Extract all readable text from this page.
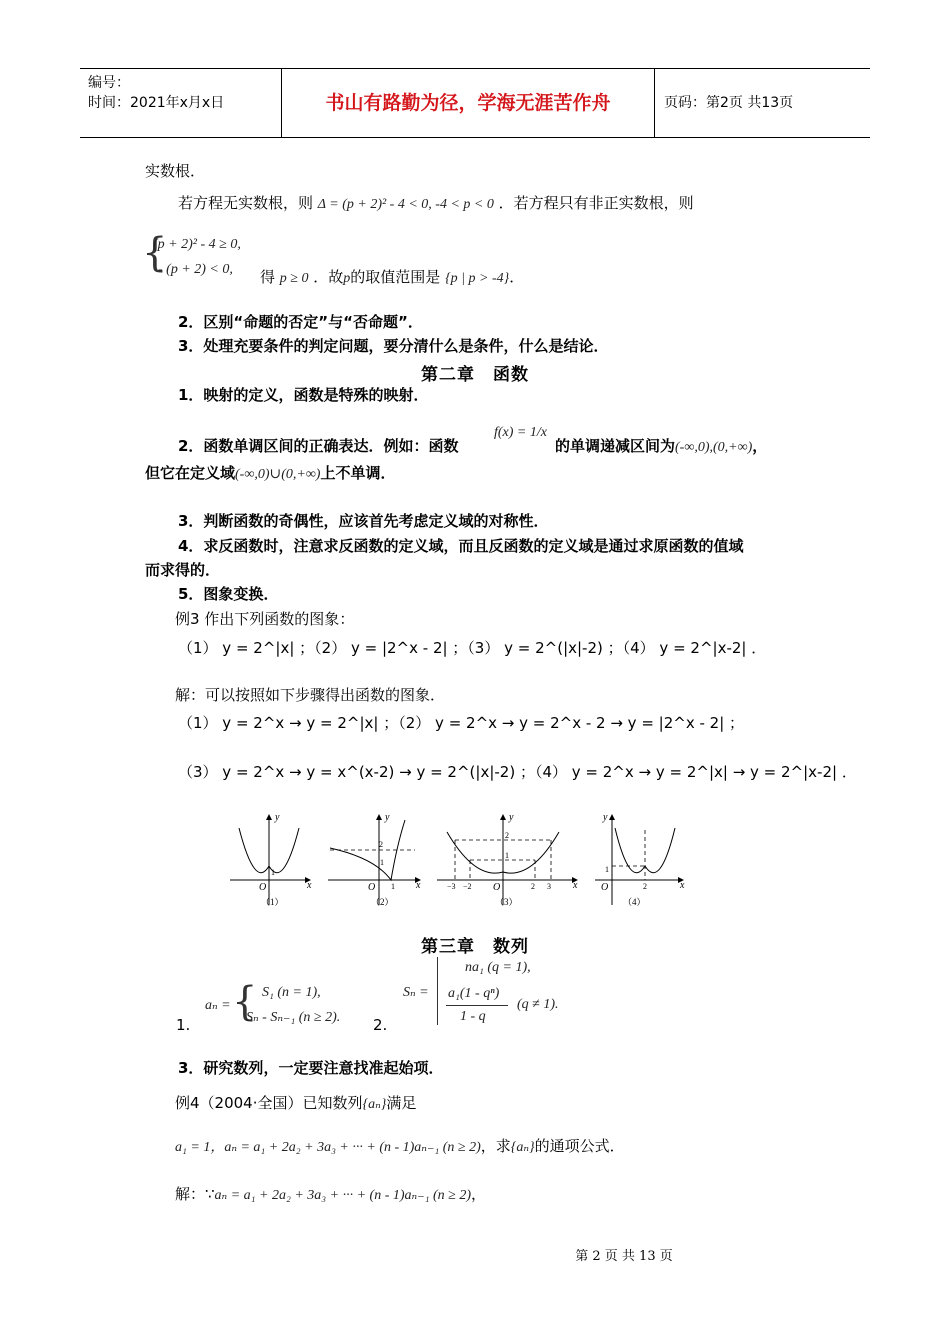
编号：
时间：2021年x月x日	书山有路勤为径，学海无涯苦作舟	页码：第2页 共13页
实数根．
若方程无实数根，则 Δ = (p + 2)² - 4 < 0, -4 < p < 0 ．若方程只有非正实数根，则
{
(p + 2)² - 4 ≥ 0,
- (p + 2) < 0, 得 p ≥ 0 ．故p的取值范围是 {p | p > -4}．
2．区别“命题的否定”与“否命题”．
3．处理充要条件的判定问题，要分清什么是条件，什么是结论．
第二章　函数
1．映射的定义，函数是特殊的映射．
2．函数单调区间的正确表达．例如：函数
f(x) = 1/x
的单调递减区间为(-∞,0),(0,+∞)，
但它在定义域(-∞,0)∪(0,+∞)上不单调．
3．判断函数的奇偶性，应该首先考虑定义域的对称性．
4．求反函数时，注意求反函数的定义域，而且反函数的定义域是通过求原函数的值域
而求得的．
5．图象变换．
例3 作出下列函数的图象：
（1） y = 2^|x| ；（2） y = |2^x - 2| ；（3） y = 2^(|x|-2) ；（4） y = 2^|x-2| ．
解：可以按照如下步骤得出函数的图象．
（1） y = 2^x → y = 2^|x| ；（2） y = 2^x → y = 2^x - 2 → y = |2^x - 2| ；
（3） y = 2^x → y = x^(x-2) → y = 2^(|x|-2) ；（4） y = 2^x → y = 2^|x| → y = 2^|x-2| ．
y
x
O
1
（1）
y
x
O
2
1
1
（2）
y
x
O
2
1
−3 −2	2 3
（3）
y
x
O
1
2
（4）
第三章　数列
1.
aₙ = { S₁ (n = 1),
Sₙ - Sₙ₋₁ (n ≥ 2). 2.
Sₙ =
na₁ (q = 1),
a₁(1 - qⁿ)
1 - q
(q ≠ 1).
3．研究数列，一定要注意找准起始项．
例4（2004·全国）已知数列{aₙ}满足
a₁ = 1，aₙ = a₁ + 2a₂ + 3a₃ + ··· + (n - 1)aₙ₋₁ (n ≥ 2)，求{aₙ}的通项公式．
解：∵aₙ = a₁ + 2a₂ + 3a₃ + ··· + (n - 1)aₙ₋₁ (n ≥ 2)，
第 2 页 共 13 页
